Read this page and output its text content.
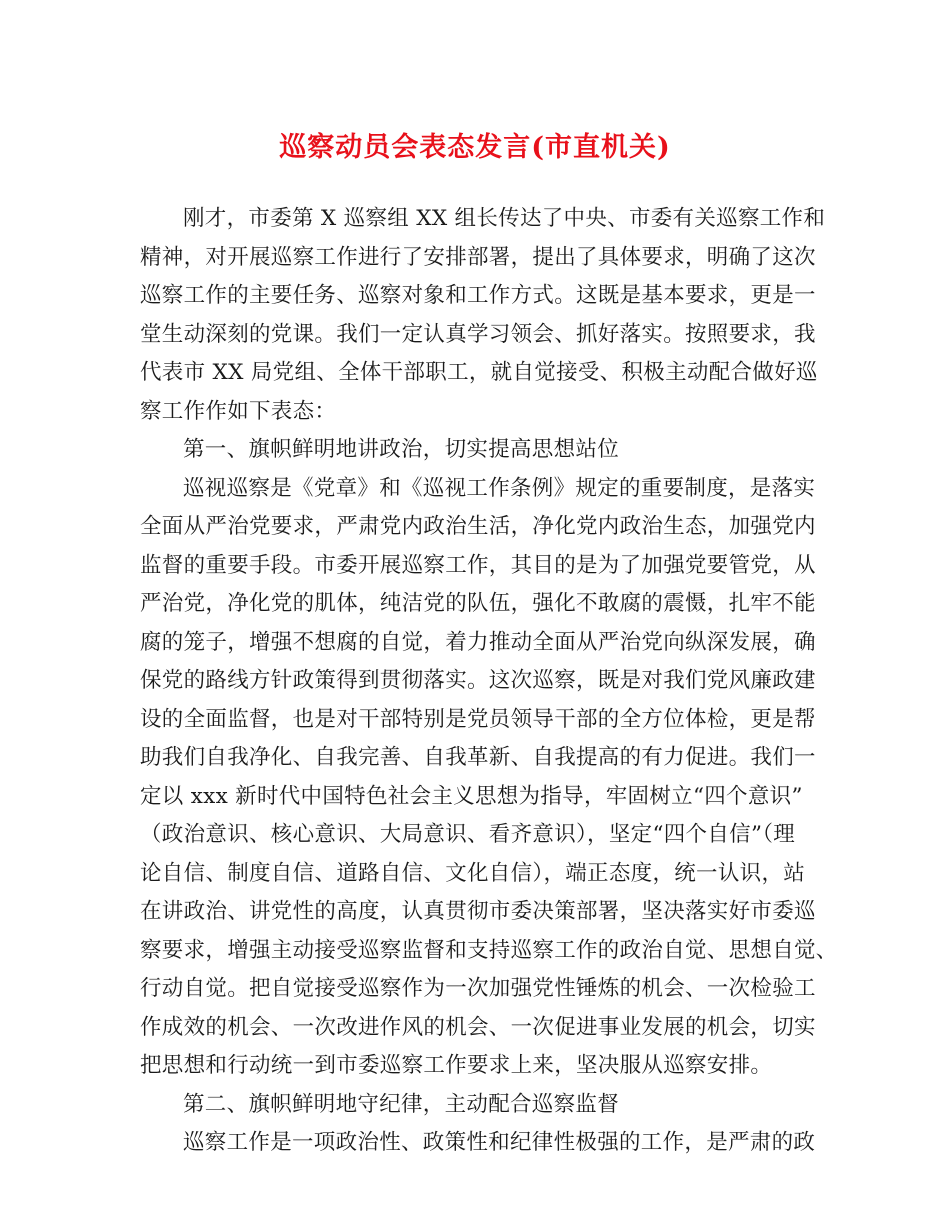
巡察动员会表态发言(市直机关)
刚才，市委第 X 巡察组 XX 组长传达了中央、市委有关巡察工作和
精神，对开展巡察工作进行了安排部署，提出了具体要求，明确了这次
巡察工作的主要任务、巡察对象和工作方式。这既是基本要求，更是一
堂生动深刻的党课。我们一定认真学习领会、抓好落实。按照要求，我
代表市 XX 局党组、全体干部职工，就自觉接受、积极主动配合做好巡
察工作作如下表态：
第一、旗帜鲜明地讲政治，切实提高思想站位
巡视巡察是《党章》和《巡视工作条例》规定的重要制度，是落实
全面从严治党要求，严肃党内政治生活，净化党内政治生态，加强党内
监督的重要手段。市委开展巡察工作，其目的是为了加强党要管党，从
严治党，净化党的肌体，纯洁党的队伍，强化不敢腐的震慑，扎牢不能
腐的笼子，增强不想腐的自觉，着力推动全面从严治党向纵深发展，确
保党的路线方针政策得到贯彻落实。这次巡察，既是对我们党风廉政建
设的全面监督，也是对干部特别是党员领导干部的全方位体检，更是帮
助我们自我净化、自我完善、自我革新、自我提高的有力促进。我们一
定以 xxx 新时代中国特色社会主义思想为指导，牢固树立“四个意识”
（政治意识、核心意识、大局意识、看齐意识），坚定“四个自信”（理
论自信、制度自信、道路自信、文化自信），端正态度，统一认识，站
在讲政治、讲党性的高度，认真贯彻市委决策部署，坚决落实好市委巡
察要求，增强主动接受巡察监督和支持巡察工作的政治自觉、思想自觉、
行动自觉。把自觉接受巡察作为一次加强党性锤炼的机会、一次检验工
作成效的机会、一次改进作风的机会、一次促进事业发展的机会，切实
把思想和行动统一到市委巡察工作要求上来，坚决服从巡察安排。
第二、旗帜鲜明地守纪律，主动配合巡察监督
巡察工作是一项政治性、政策性和纪律性极强的工作，是严肃的政
